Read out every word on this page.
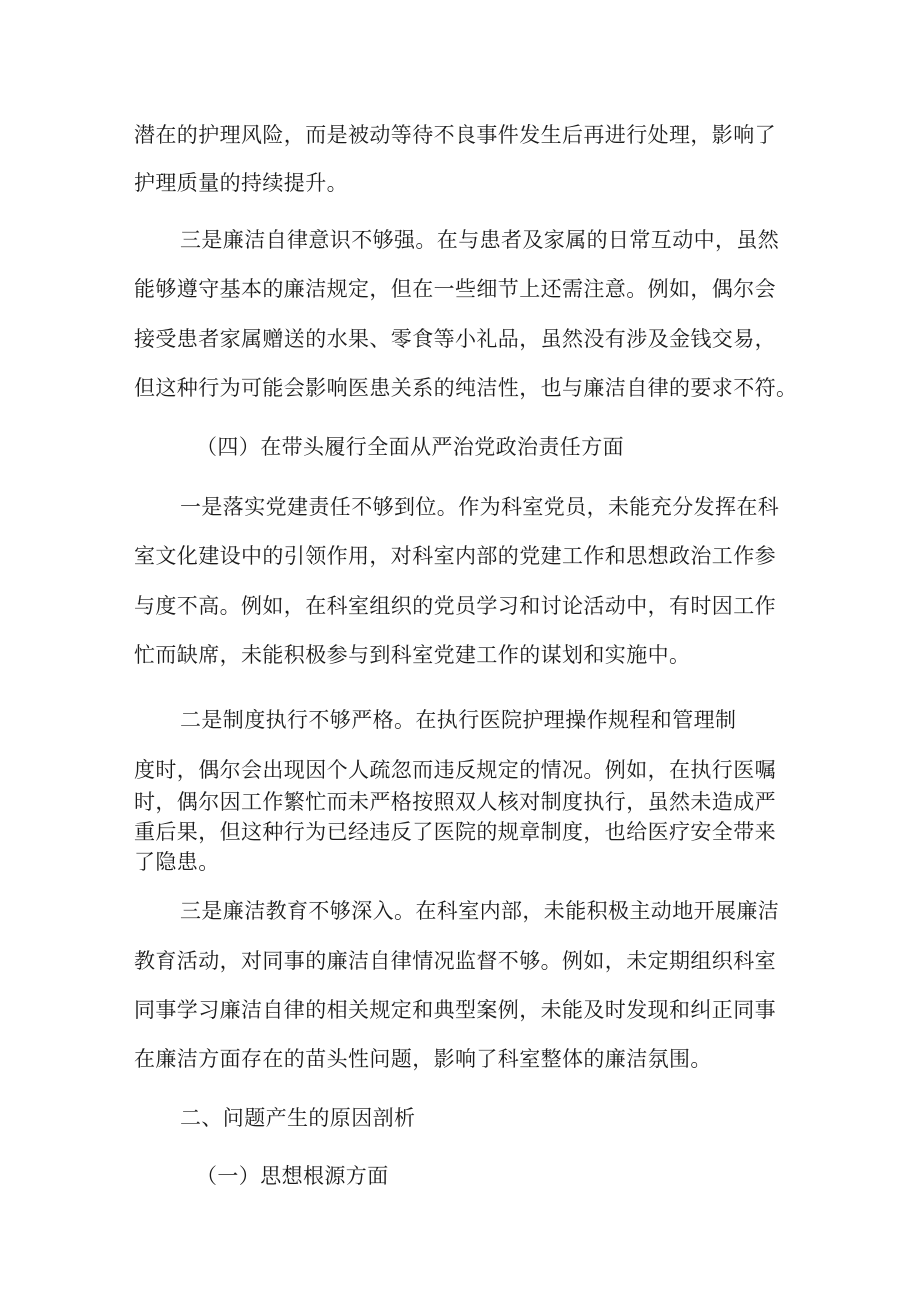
潜在的护理风险，而是被动等待不良事件发生后再进行处理，影响了

护理质量的持续提升。

三是廉洁自律意识不够强。在与患者及家属的日常互动中，虽然

能够遵守基本的廉洁规定，但在一些细节上还需注意。例如，偶尔会

接受患者家属赠送的水果、零食等小礼品，虽然没有涉及金钱交易，

但这种行为可能会影响医患关系的纯洁性，也与廉洁自律的要求不符。

（四）在带头履行全面从严治党政治责任方面

一是落实党建责任不够到位。作为科室党员，未能充分发挥在科

室文化建设中的引领作用，对科室内部的党建工作和思想政治工作参

与度不高。例如，在科室组织的党员学习和讨论活动中，有时因工作

忙而缺席，未能积极参与到科室党建工作的谋划和实施中。

二是制度执行不够严格。在执行医院护理操作规程和管理制

度时，偶尔会出现因个人疏忽而违反规定的情况。例如，在执行医嘱

时，偶尔因工作繁忙而未严格按照双人核对制度执行，虽然未造成严

重后果，但这种行为已经违反了医院的规章制度，也给医疗安全带来

了隐患。

三是廉洁教育不够深入。在科室内部，未能积极主动地开展廉洁

教育活动，对同事的廉洁自律情况监督不够。例如，未定期组织科室

同事学习廉洁自律的相关规定和典型案例，未能及时发现和纠正同事

在廉洁方面存在的苗头性问题，影响了科室整体的廉洁氛围。

二、问题产生的原因剖析

（一）思想根源方面
